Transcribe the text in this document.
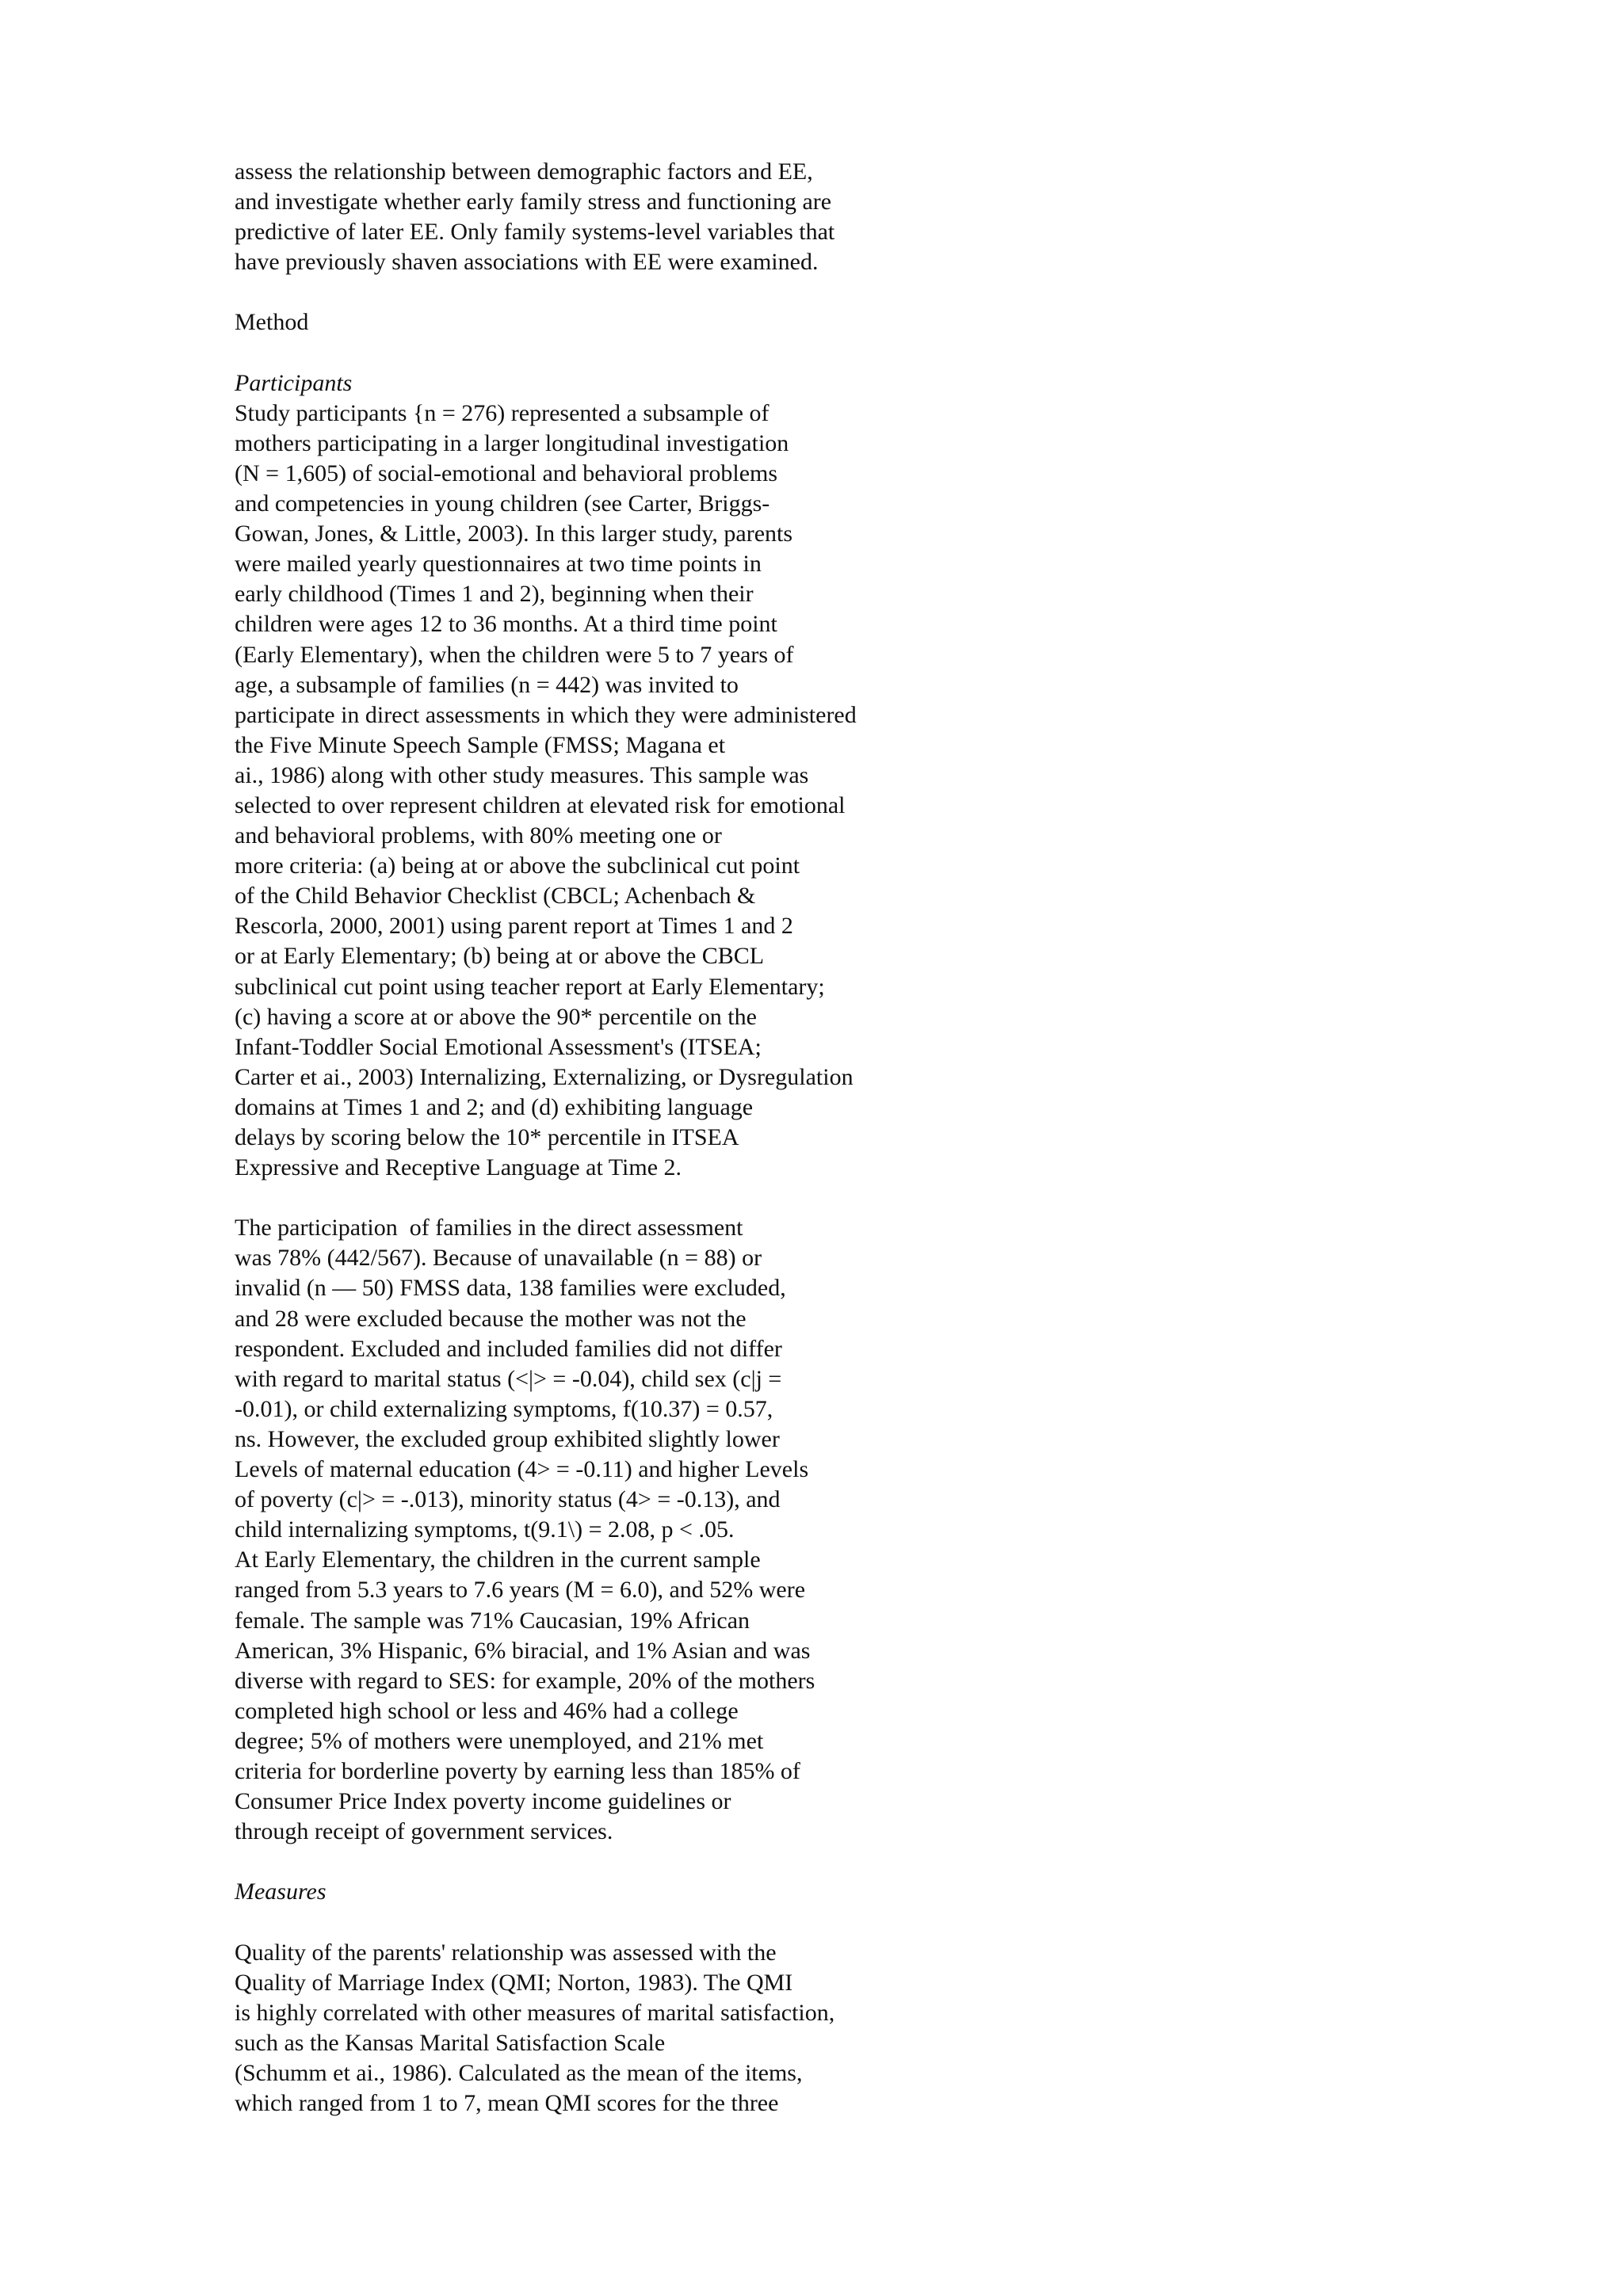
assess the relationship between demographic factors and EE,
and investigate whether early family stress and functioning are
predictive of later EE. Only family systems-level variables that
have previously shaven associations with EE were examined.
Method
Participants
Study participants {n = 276) represented a subsample of
mothers participating in a larger longitudinal investigation
(N = 1,605) of social-emotional and behavioral problems
and competencies in young children (see Carter, Briggs-
Gowan, Jones, & Little, 2003). In this larger study, parents
were mailed yearly questionnaires at two time points in
early childhood (Times 1 and 2), beginning when their
children were ages 12 to 36 months. At a third time point
(Early Elementary), when the children were 5 to 7 years of
age, a subsample of families (n = 442) was invited to
participate in direct assessments in which they were administered
the Five Minute Speech Sample (FMSS; Magana et
ai., 1986) along with other study measures. This sample was
selected to over represent children at elevated risk for emotional
and behavioral problems, with 80% meeting one or
more criteria: (a) being at or above the subclinical cut point
of the Child Behavior Checklist (CBCL; Achenbach &
Rescorla, 2000, 2001) using parent report at Times 1 and 2
or at Early Elementary; (b) being at or above the CBCL
subclinical cut point using teacher report at Early Elementary;
(c) having a score at or above the 90* percentile on the
Infant-Toddler Social Emotional Assessment's (ITSEA;
Carter et ai., 2003) Internalizing, Externalizing, or Dysregulation
domains at Times 1 and 2; and (d) exhibiting language
delays by scoring below the 10* percentile in ITSEA
Expressive and Receptive Language at Time 2.
The participation  of families in the direct assessment
was 78% (442/567). Because of unavailable (n = 88) or
invalid (n — 50) FMSS data, 138 families were excluded,
and 28 were excluded because the mother was not the
respondent. Excluded and included families did not differ
with regard to marital status (<|> = -0.04), child sex (c|j =
-0.01), or child externalizing symptoms, f(10.37) = 0.57,
ns. However, the excluded group exhibited slightly lower
Levels of maternal education (4> = -0.11) and higher Levels
of poverty (c|> = -.013), minority status (4> = -0.13), and
child internalizing symptoms, t(9.1\) = 2.08, p < .05.
At Early Elementary, the children in the current sample
ranged from 5.3 years to 7.6 years (M = 6.0), and 52% were
female. The sample was 71% Caucasian, 19% African
American, 3% Hispanic, 6% biracial, and 1% Asian and was
diverse with regard to SES: for example, 20% of the mothers
completed high school or less and 46% had a college
degree; 5% of mothers were unemployed, and 21% met
criteria for borderline poverty by earning less than 185% of
Consumer Price Index poverty income guidelines or
through receipt of government services.
Measures
Quality of the parents' relationship was assessed with the
Quality of Marriage Index (QMI; Norton, 1983). The QMI
is highly correlated with other measures of marital satisfaction,
such as the Kansas Marital Satisfaction Scale
(Schumm et ai., 1986). Calculated as the mean of the items,
which ranged from 1 to 7, mean QMI scores for the three
